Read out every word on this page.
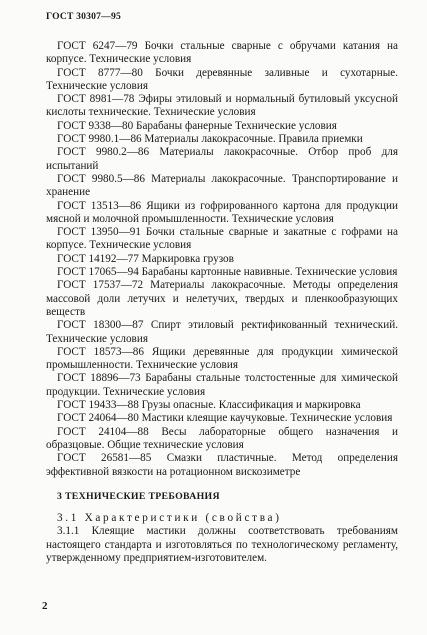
ГОСТ 30307—95

ГОСТ 6247—79 Бочки стальные сварные с обручами катания на корпусе. Технические условия

ГОСТ 8777—80 Бочки деревянные заливные и сухотарные. Технические условия

ГОСТ 8981—78 Эфиры этиловый и нормальный бутиловый уксусной кислоты технические. Технические условия

ГОСТ 9338—80 Барабаны фанерные Технические условия

ГОСТ 9980.1—86 Материалы лакокрасочные. Правила приемки

ГОСТ 9980.2—86 Материалы лакокрасочные. Отбор проб для испытаний

ГОСТ 9980.5—86 Материалы лакокрасочные. Транспортирование и хранение

ГОСТ 13513—86 Ящики из гофрированного картона для продукции мясной и молочной промышленности. Технические условия

ГОСТ 13950—91 Бочки стальные сварные и закатные с гофрами на корпусе. Технические условия

ГОСТ 14192—77 Маркировка грузов

ГОСТ 17065—94 Барабаны картонные навивные. Технические условия

ГОСТ 17537—72 Материалы лакокрасочные. Методы определения массовой доли летучих и нелетучих, твердых и пленкообразующих веществ

ГОСТ 18300—87 Спирт этиловый ректификованный технический. Технические условия

ГОСТ 18573—86 Ящики деревянные для продукции химической промышленности. Технические условия

ГОСТ 18896—73 Барабаны стальные толстостенные для химической продукции. Технические условия

ГОСТ 19433—88 Грузы опасные. Классификация и маркировка

ГОСТ 24064—80 Мастики клеящие каучуковые. Технические условия

ГОСТ 24104—88 Весы лабораторные общего назначения и образцовые. Общие технические условия

ГОСТ 26581—85 Смазки пластичные. Метод определения эффективной вязкости на ротационном вискозиметре

3 ТЕХНИЧЕСКИЕ ТРЕБОВАНИЯ

3.1 Характеристики (свойства)

3.1.1 Клеящие мастики должны соответствовать требованиям настоящего стандарта и изготовляться по технологическому регламенту, утвержденному предприятием-изготовителем.

2
